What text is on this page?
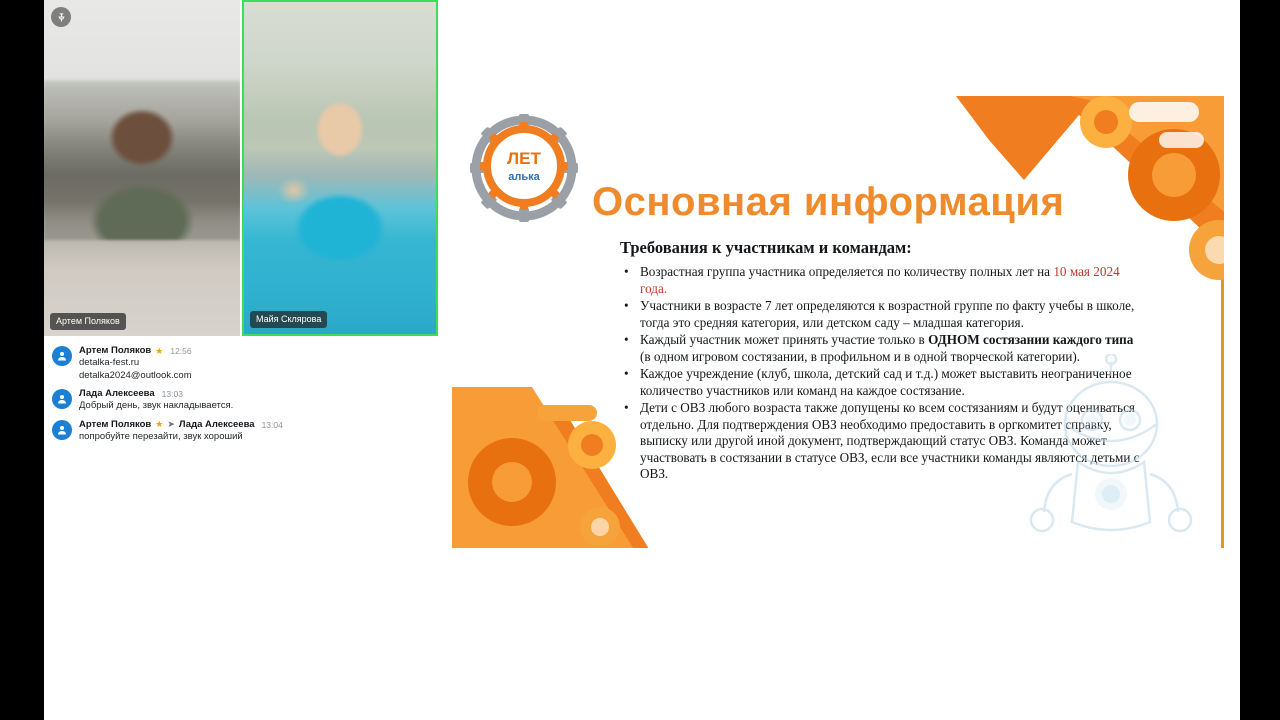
Артем Поляков	Майя Склярова
Артем Поляков ★ 12:56
detalka-fest.ru
detalka2024@outlook.com
Лада Алексеева 13:03
Добрый день, звук накладывается.
Артем Поляков ★ ➤ Лада Алексеева 13:04
попробуйте перезайти, звук хороший
ЛЕТ
алька
Основная информация
Требования к участникам и командам:
• Возрастная группа участника определяется по количеству полных лет на 10 мая 2024 года.
• Участники в возрасте 7 лет определяются к возрастной группе по факту учебы в школе, тогда это средняя категория, или детском саду – младшая категория.
• Каждый участник может принять участие только в ОДНОМ состязании каждого типа (в одном игровом состязании, в профильном и в одной творческой категории).
• Каждое учреждение (клуб, школа, детский сад и т.д.) может выставить неограниченное количество участников или команд на каждое состязание.
• Дети с ОВЗ любого возраста также допущены ко всем состязаниям и будут оцениваться отдельно. Для подтверждения ОВЗ необходимо предоставить в оргкомитет справку, выписку или другой иной документ, подтверждающий статус ОВЗ. Команда может участвовать в состязании в статусе ОВЗ, если все участники команды являются детьми с ОВЗ.
